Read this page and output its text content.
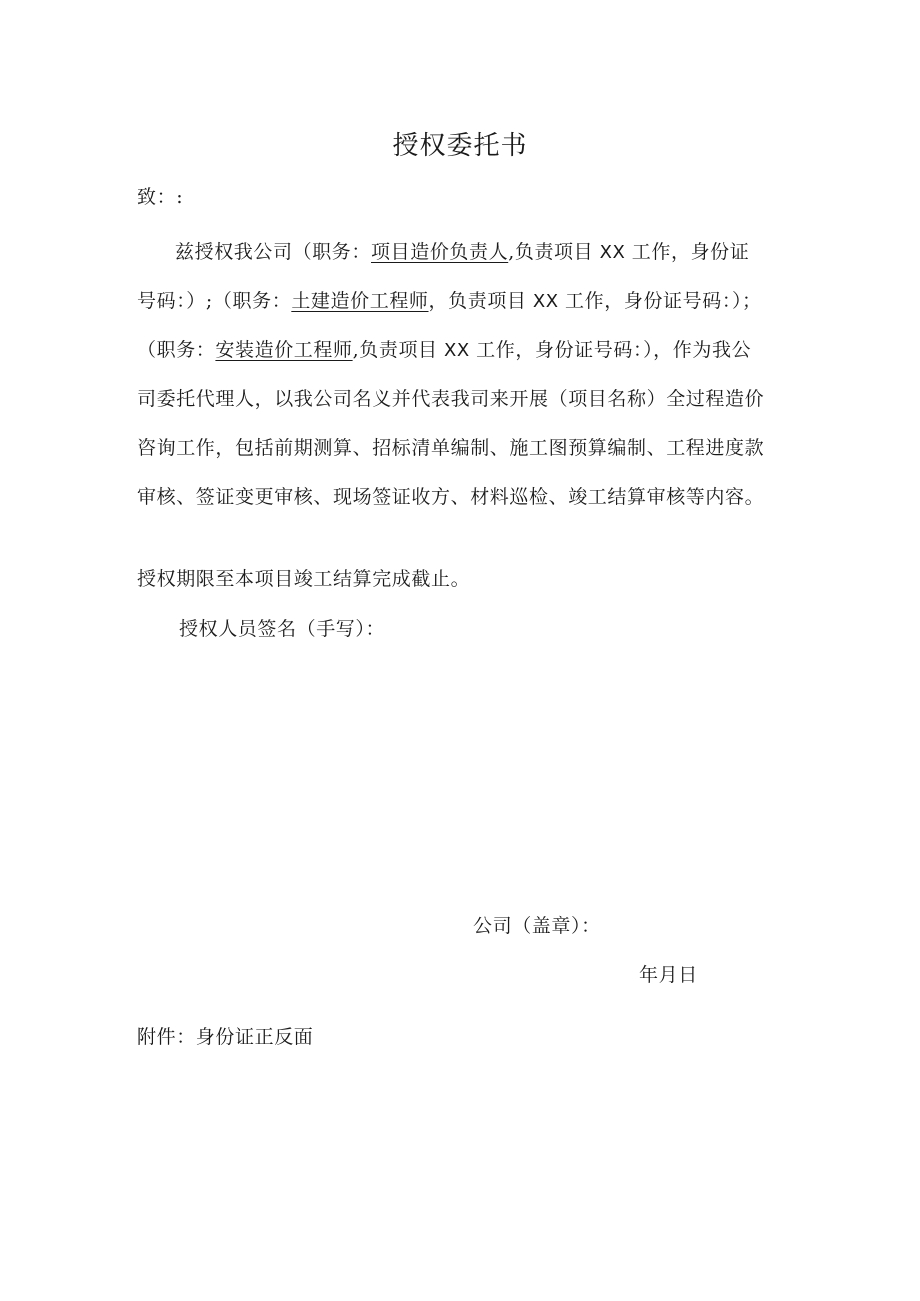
授权委托书
致：:
兹授权我公司（职务：项目造价负责人,负责项目 XX 工作，身份证
号码：）;（职务：土建造价工程师，负责项目 XX 工作，身份证号码：）；
（职务：安装造价工程师,负责项目 XX 工作，身份证号码：），作为我公
司委托代理人，以我公司名义并代表我司来开展（项目名称）全过程造价
咨询工作，包括前期测算、招标清单编制、施工图预算编制、工程进度款
审核、签证变更审核、现场签证收方、材料巡检、竣工结算审核等内容。
授权期限至本项目竣工结算完成截止。
授权人员签名（手写）：
公司（盖章）：
年月日
附件：身份证正反面
